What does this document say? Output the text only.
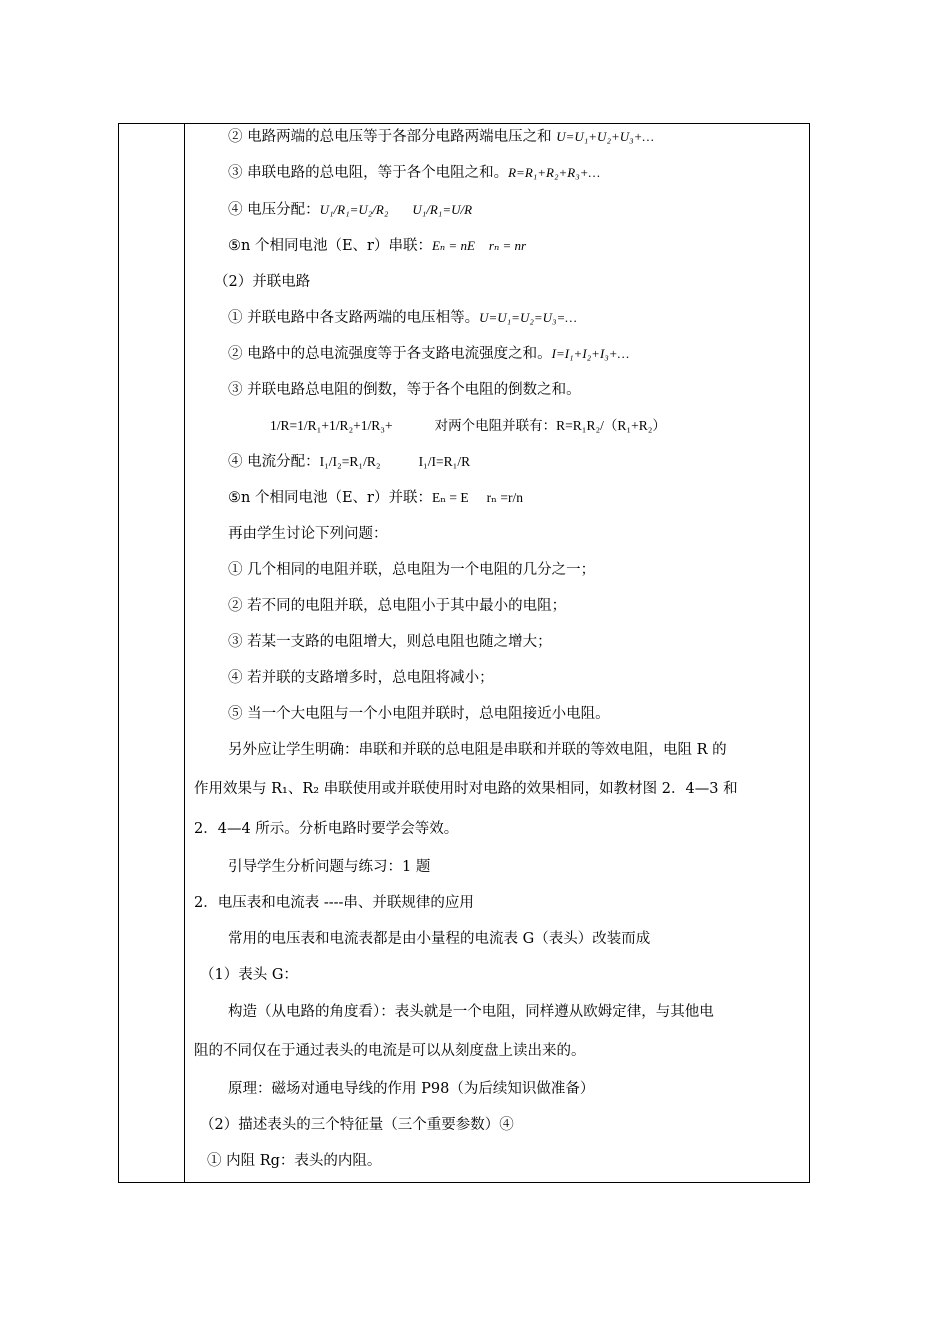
② 电路两端的总电压等于各部分电路两端电压之和 U=U₁+U₂+U₃+…
③ 串联电路的总电阻，等于各个电阻之和。R=R₁+R₂+R₃+…
④ 电压分配：U₁/R₁=U₂/R₂ U₁/R₁=U/R
⑤n 个相同电池（E、r）串联：Eₙ = nE rₙ = nr
（2）并联电路
① 并联电路中各支路两端的电压相等。U=U₁=U₂=U₃=…
② 电路中的总电流强度等于各支路电流强度之和。I=I₁+I₂+I₃+…
③ 并联电路总电阻的倒数，等于各个电阻的倒数之和。
1/R=1/R₁+1/R₂+1/R₃+	对两个电阻并联有：R=R₁R₂/（R₁+R₂）
④ 电流分配：I₁/I₂=R₁/R₂	I₁/I=R₁/R
⑤n 个相同电池（E、r）并联：Eₙ = E rₙ =r/n
再由学生讨论下列问题：
① 几个相同的电阻并联，总电阻为一个电阻的几分之一；
② 若不同的电阻并联，总电阻小于其中最小的电阻；
③ 若某一支路的电阻增大，则总电阻也随之增大；
④ 若并联的支路增多时，总电阻将减小；
⑤ 当一个大电阻与一个小电阻并联时，总电阻接近小电阻。
另外应让学生明确：串联和并联的总电阻是串联和并联的等效电阻，电阻 R 的
作用效果与 R₁、R₂ 串联使用或并联使用时对电路的效果相同，如教材图 2．4—3 和
2．4—4 所示。分析电路时要学会等效。
引导学生分析问题与练习：1 题
2．电压表和电流表 ----串、并联规律的应用
常用的电压表和电流表都是由小量程的电流表 G（表头）改装而成
（1）表头 G：
构造（从电路的角度看）：表头就是一个电阻，同样遵从欧姆定律，与其他电
阻的不同仅在于通过表头的电流是可以从刻度盘上读出来的。
原理：磁场对通电导线的作用 P98（为后续知识做准备）
（2）描述表头的三个特征量（三个重要参数）④
① 内阻 Rg：表头的内阻。
